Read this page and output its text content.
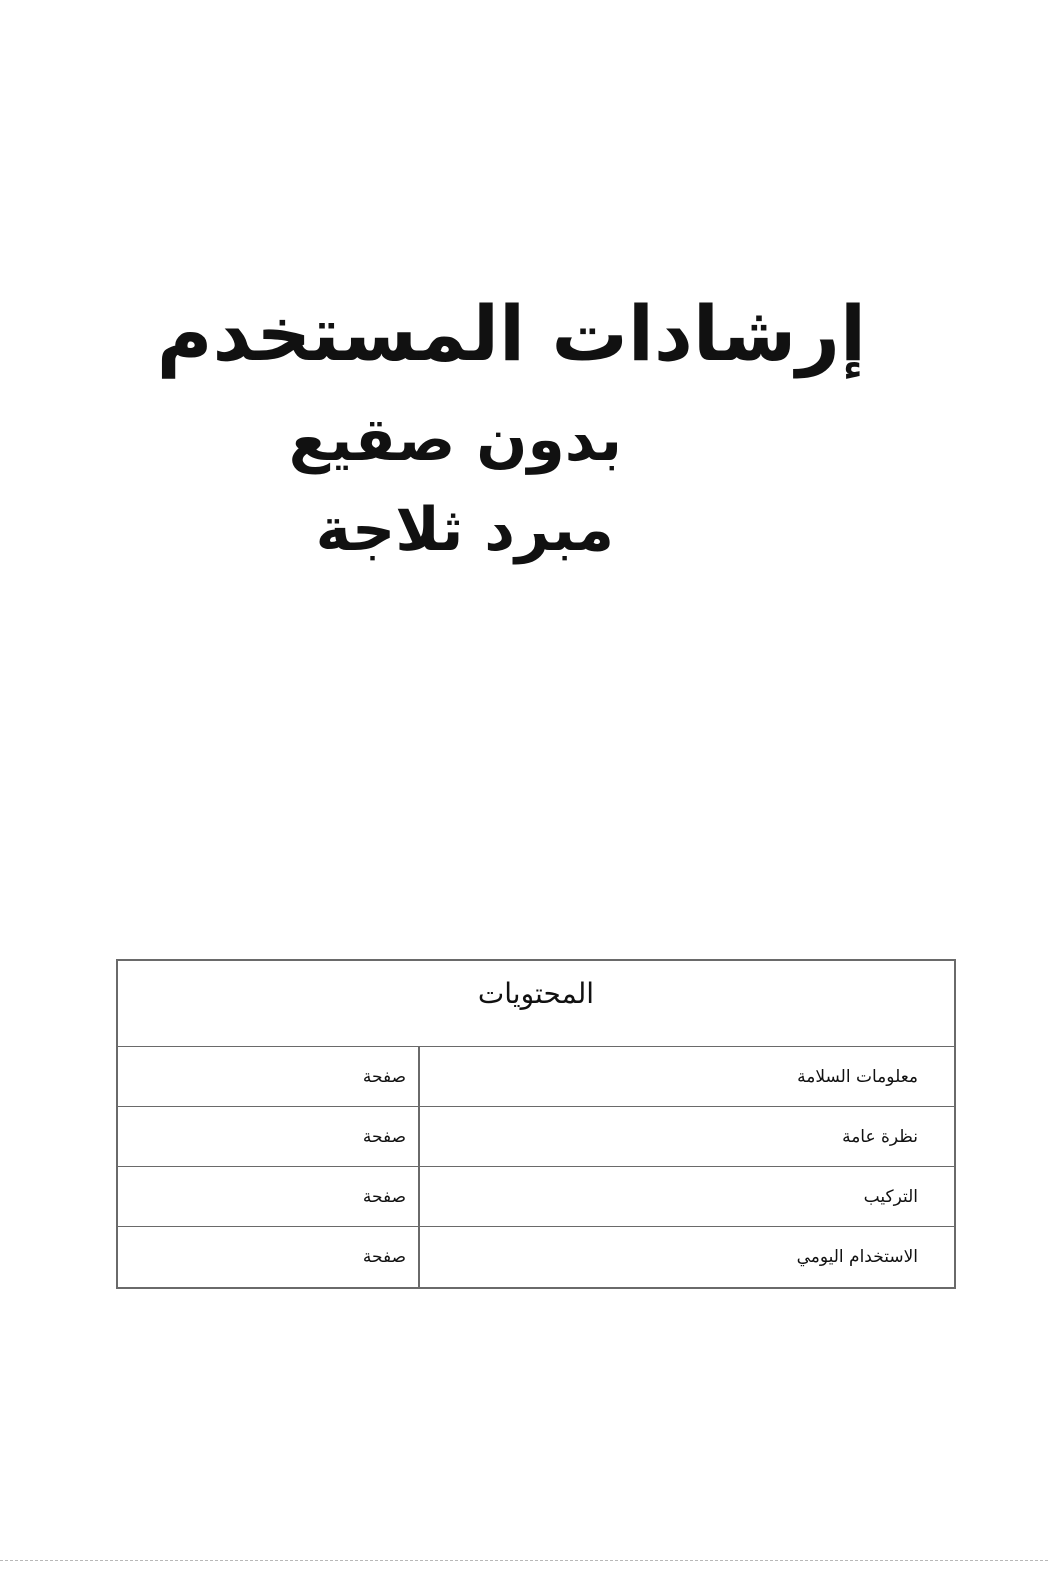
إرشادات المستخدم
بدون صقيع
مبرد ثلاجة
المحتويات
معلومات السلامة
صفحة
نظرة عامة
صفحة
التركيب
صفحة
الاستخدام اليومي
صفحة
